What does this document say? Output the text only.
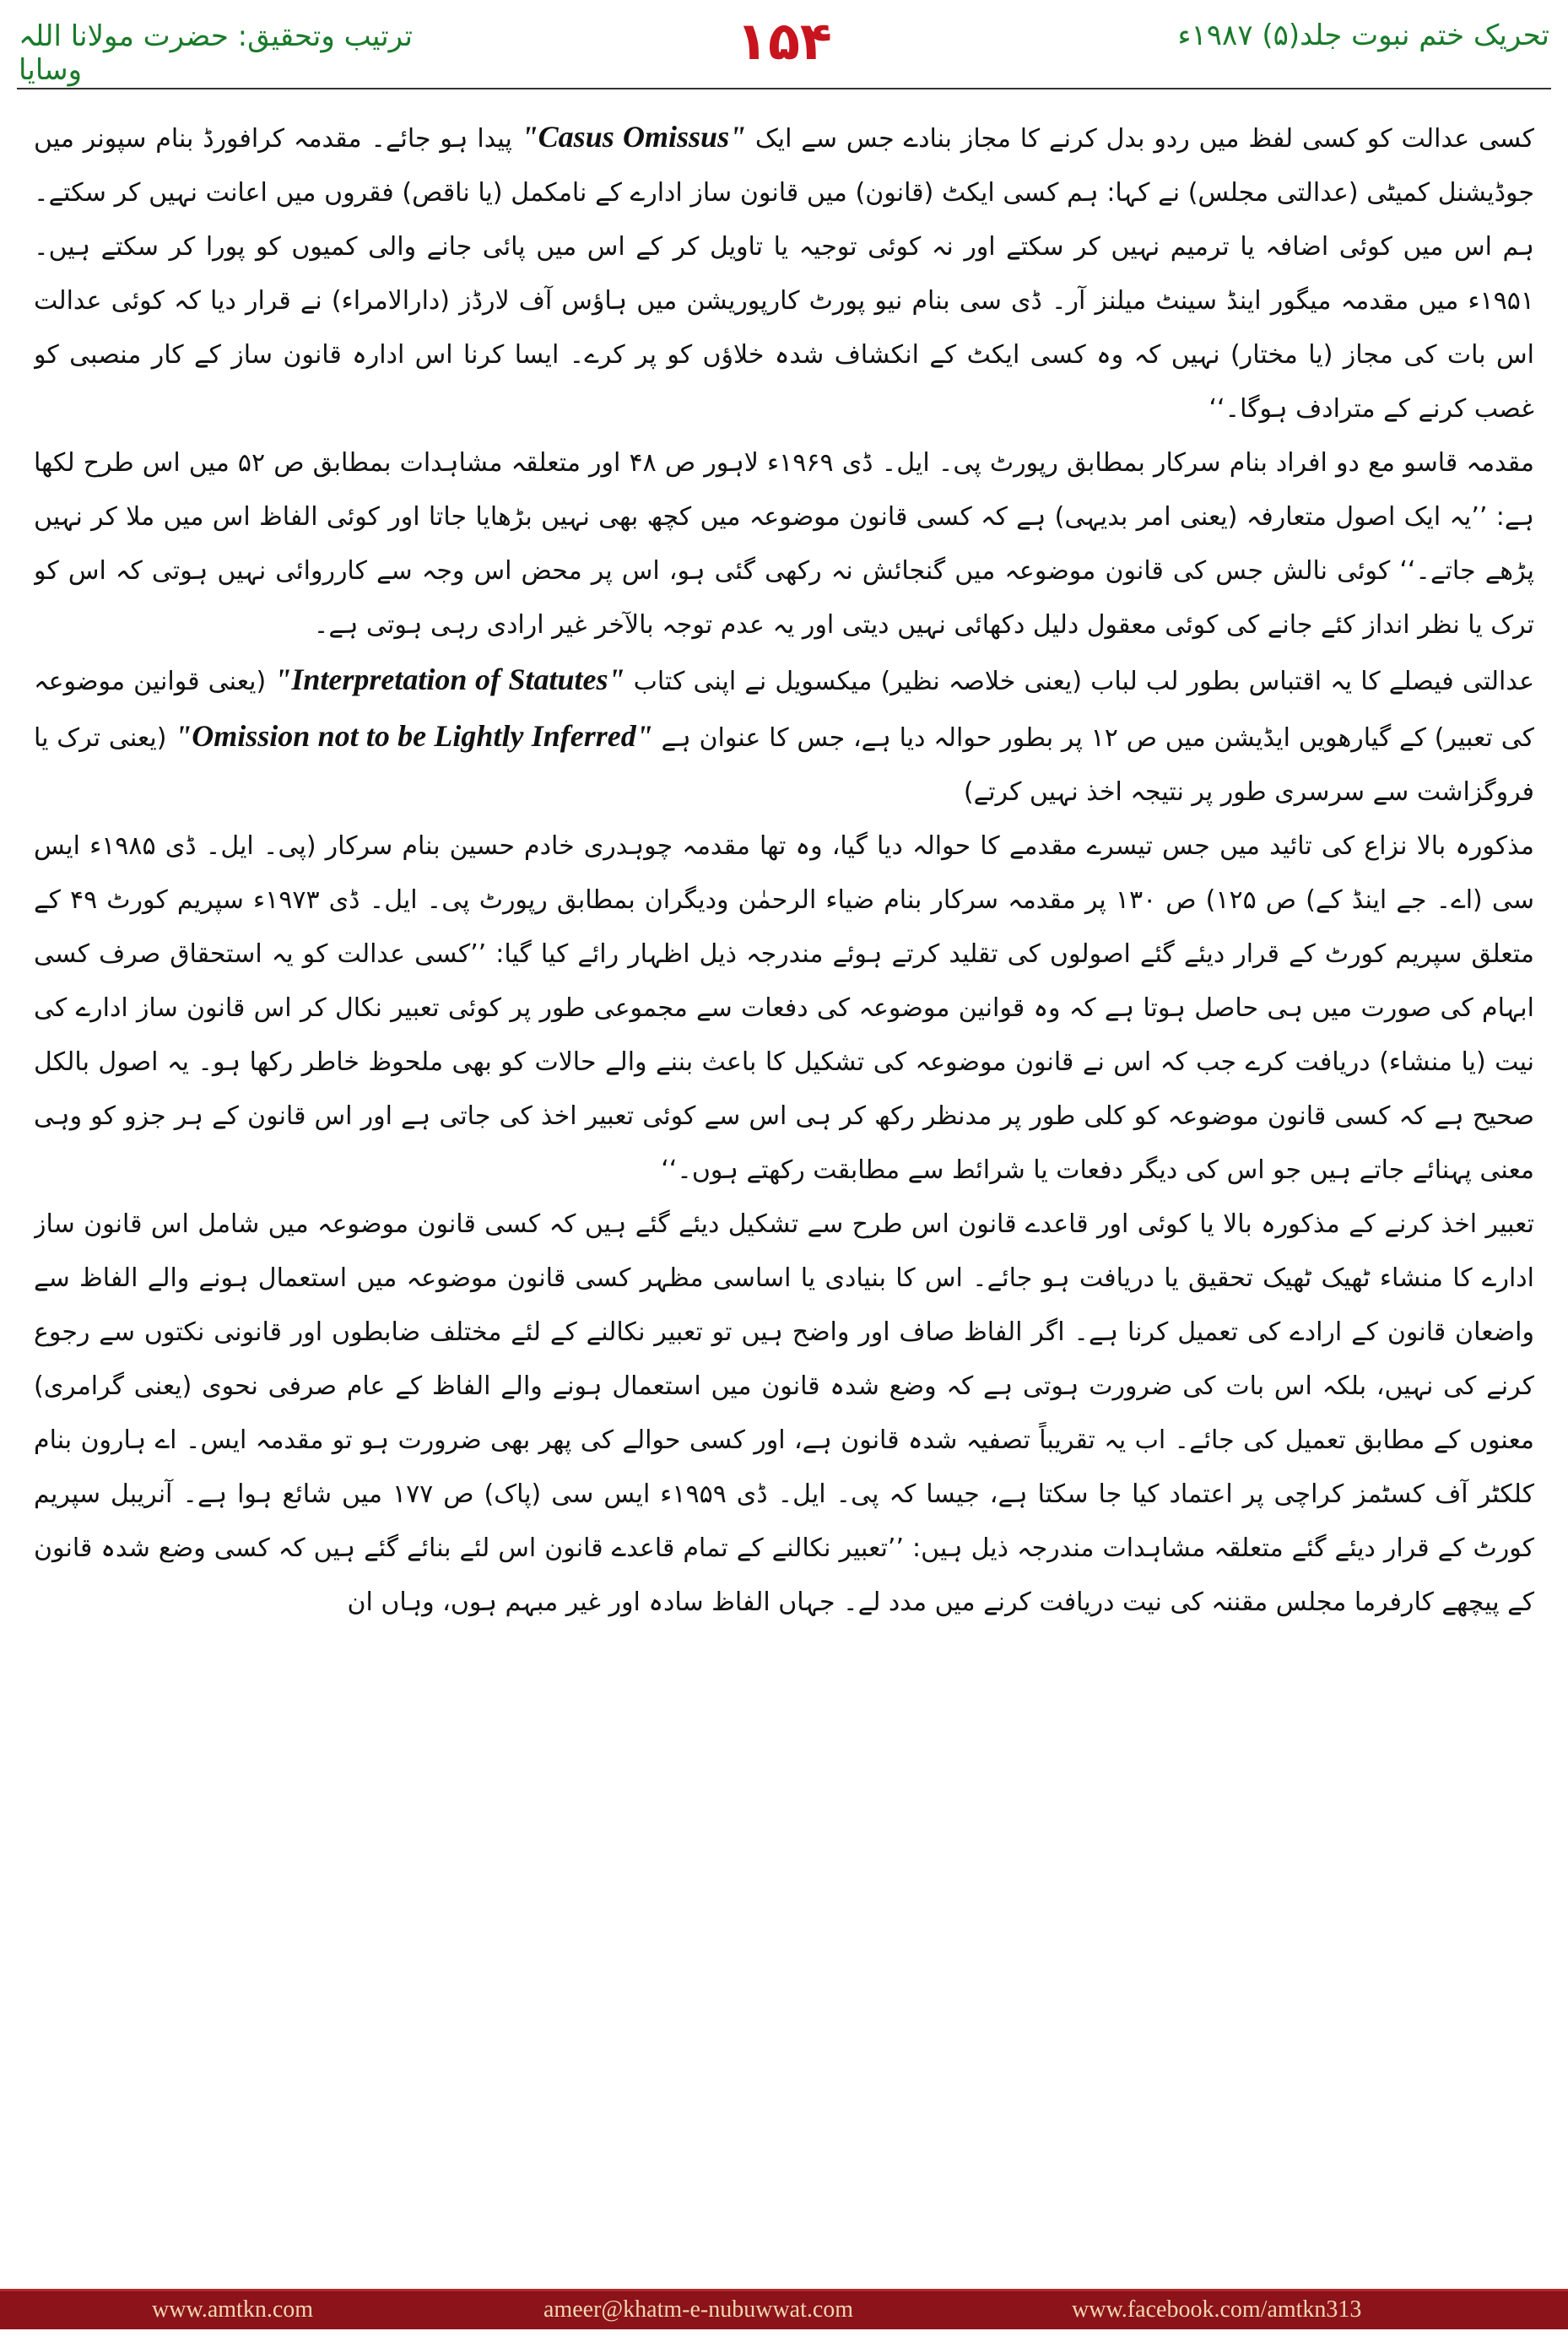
ترتیب وتحقیق: حضرت مولانا اللہ وسایا	۱۵۴	تحریک ختم نبوت جلد(۵) ۱۹۸۷ء

کسی عدالت کو کسی لفظ میں ردو بدل کرنے کا مجاز بنادے جس سے ایک "Casus Omissus" پیدا ہو جائے۔ مقدمہ کرافورڈ بنام سپونر میں جوڈیشنل کمیٹی (عدالتی مجلس) نے کہا: ہم کسی ایکٹ (قانون) میں قانون ساز ادارے کے نامکمل (یا ناقص) فقروں میں اعانت نہیں کر سکتے۔ ہم اس میں کوئی اضافہ یا ترمیم نہیں کر سکتے اور نہ کوئی توجیہ یا تاویل کر کے اس میں پائی جانے والی کمیوں کو پورا کر سکتے ہیں۔ ۱۹۵۱ء میں مقدمہ میگور اینڈ سینٹ میلنز آر۔ ڈی سی بنام نیو پورٹ کارپوریشن میں ہاؤس آف لارڈز (دارالامراء) نے قرار دیا کہ کوئی عدالت اس بات کی مجاز (یا مختار) نہیں کہ وہ کسی ایکٹ کے انکشاف شدہ خلاؤں کو پر کرے۔ ایسا کرنا اس ادارہ قانون ساز کے کار منصبی کو غصب کرنے کے مترادف ہوگا۔‘‘

مقدمہ قاسو مع دو افراد بنام سرکار بمطابق رپورٹ پی۔ ایل۔ ڈی ۱۹۶۹ء لاہور ص ۴۸ اور متعلقہ مشاہدات بمطابق ص ۵۲ میں اس طرح لکھا ہے: ’’یہ ایک اصول متعارفہ (یعنی امر بدیہی) ہے کہ کسی قانون موضوعہ میں کچھ بھی نہیں بڑھایا جاتا اور کوئی الفاظ اس میں ملا کر نہیں پڑھے جاتے۔‘‘ کوئی نالش جس کی قانون موضوعہ میں گنجائش نہ رکھی گئی ہو، اس پر محض اس وجہ سے کارروائی نہیں ہوتی کہ اس کو ترک یا نظر انداز کئے جانے کی کوئی معقول دلیل دکھائی نہیں دیتی اور یہ عدم توجہ بالآخر غیر ارادی رہی ہوتی ہے۔

عدالتی فیصلے کا یہ اقتباس بطور لب لباب (یعنی خلاصہ نظیر) میکسویل نے اپنی کتاب "Interpretation of Statutes" (یعنی قوانین موضوعہ کی تعبیر) کے گیارھویں ایڈیشن میں ص ۱۲ پر بطور حوالہ دیا ہے، جس کا عنوان ہے "Omission not to be Lightly Inferred" (یعنی ترک یا فروگزاشت سے سرسری طور پر نتیجہ اخذ نہیں کرتے)

مذکورہ بالا نزاع کی تائید میں جس تیسرے مقدمے کا حوالہ دیا گیا، وہ تھا مقدمہ چوہدری خادم حسین بنام سرکار (پی۔ ایل۔ ڈی ۱۹۸۵ء ایس سی (اے۔ جے اینڈ کے) ص ۱۲۵) ص ۱۳۰ پر مقدمہ سرکار بنام ضیاء الرحمٰن ودیگران بمطابق رپورٹ پی۔ ایل۔ ڈی ۱۹۷۳ء سپریم کورٹ ۴۹ کے متعلق سپریم کورٹ کے قرار دیئے گئے اصولوں کی تقلید کرتے ہوئے مندرجہ ذیل اظہار رائے کیا گیا: ’’کسی عدالت کو یہ استحقاق صرف کسی ابہام کی صورت میں ہی حاصل ہوتا ہے کہ وہ قوانین موضوعہ کی دفعات سے مجموعی طور پر کوئی تعبیر نکال کر اس قانون ساز ادارے کی نیت (یا منشاء) دریافت کرے جب کہ اس نے قانون موضوعہ کی تشکیل کا باعث بننے والے حالات کو بھی ملحوظ خاطر رکھا ہو۔ یہ اصول بالکل صحیح ہے کہ کسی قانون موضوعہ کو کلی طور پر مدنظر رکھ کر ہی اس سے کوئی تعبیر اخذ کی جاتی ہے اور اس قانون کے ہر جزو کو وہی معنی پہنائے جاتے ہیں جو اس کی دیگر دفعات یا شرائط سے مطابقت رکھتے ہوں۔‘‘

تعبیر اخذ کرنے کے مذکورہ بالا یا کوئی اور قاعدے قانون اس طرح سے تشکیل دیئے گئے ہیں کہ کسی قانون موضوعہ میں شامل اس قانون ساز ادارے کا منشاء ٹھیک ٹھیک تحقیق یا دریافت ہو جائے۔ اس کا بنیادی یا اساسی مظہر کسی قانون موضوعہ میں استعمال ہونے والے الفاظ سے واضعان قانون کے ارادے کی تعمیل کرنا ہے۔ اگر الفاظ صاف اور واضح ہیں تو تعبیر نکالنے کے لئے مختلف ضابطوں اور قانونی نکتوں سے رجوع کرنے کی نہیں، بلکہ اس بات کی ضرورت ہوتی ہے کہ وضع شدہ قانون میں استعمال ہونے والے الفاظ کے عام صرفی نحوی (یعنی گرامری) معنوں کے مطابق تعمیل کی جائے۔ اب یہ تقریباً تصفیہ شدہ قانون ہے، اور کسی حوالے کی پھر بھی ضرورت ہو تو مقدمہ ایس۔ اے ہارون بنام کلکٹر آف کسٹمز کراچی پر اعتماد کیا جا سکتا ہے، جیسا کہ پی۔ ایل۔ ڈی ۱۹۵۹ء ایس سی (پاک) ص ۱۷۷ میں شائع ہوا ہے۔ آنریبل سپریم کورٹ کے قرار دیئے گئے متعلقہ مشاہدات مندرجہ ذیل ہیں: ’’تعبیر نکالنے کے تمام قاعدے قانون اس لئے بنائے گئے ہیں کہ کسی وضع شدہ قانون کے پیچھے کارفرما مجلس مقننہ کی نیت دریافت کرنے میں مدد لے۔ جہاں الفاظ سادہ اور غیر مبہم ہوں، وہاں ان

www.amtkn.com	ameer@khatm-e-nubuwwat.com	www.facebook.com/amtkn313
